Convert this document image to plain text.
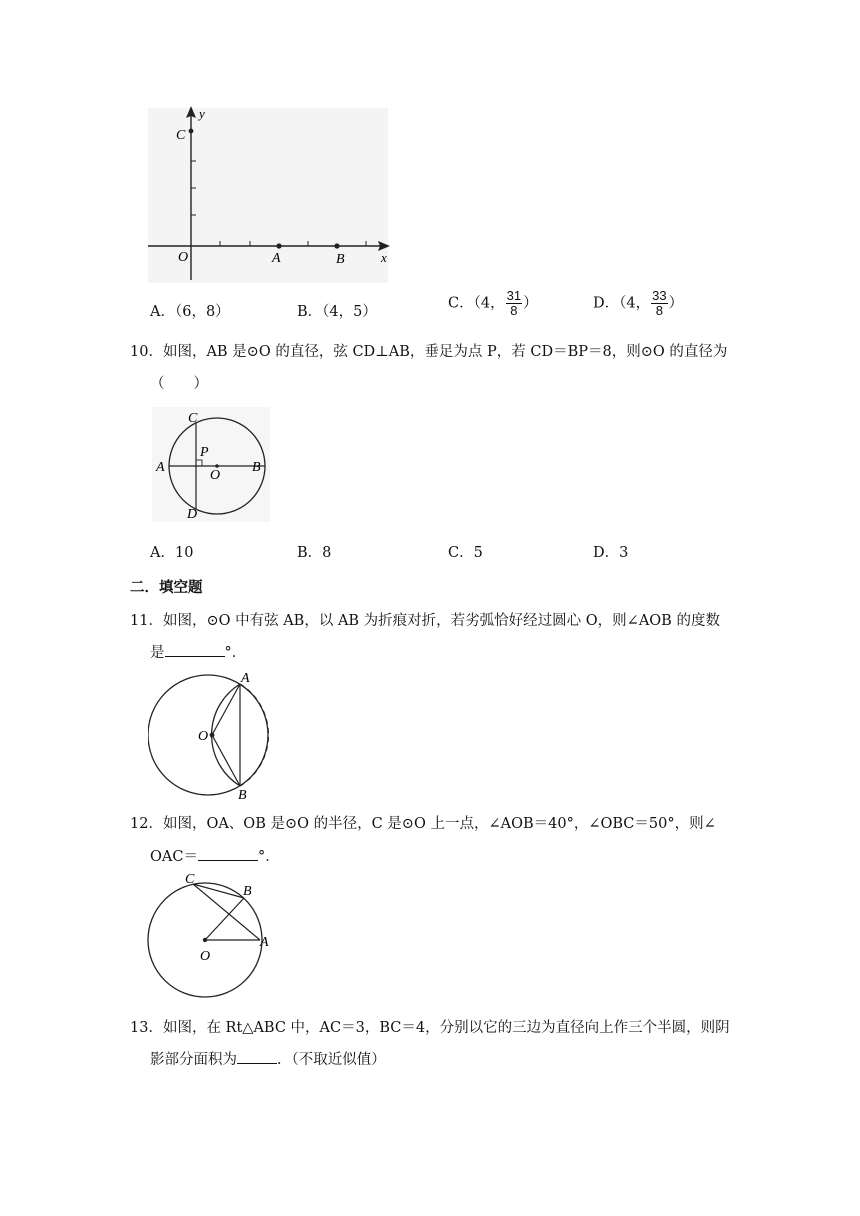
y
x
C
O	A	B
A．（6，8）	B．（4，5）
C．（4， $\frac{31}{8}$ ）	D．（4， $\frac{33}{8}$ ）
10．如图，AB 是⊙O 的直径，弦 CD⊥AB，垂足为点 P，若 CD＝BP＝8，则⊙O 的直径为
（　　）
C
P
A
O
B
D
A．10	B．8	C．5	D．3
二．填空题
11．如图，⊙O 中有弦 AB，以 AB 为折痕对折，若劣弧恰好经过圆心 O，则∠AOB 的度数
是	°．
A
O
B
12．如图，OA、OB 是⊙O 的半径，C 是⊙O 上一点，∠AOB＝40°，∠OBC＝50°，则∠
OAC＝	°．
C
B
A
O
13．如图，在 Rt△ABC 中，AC＝3，BC＝4，分别以它的三边为直径向上作三个半圆，则阴
影部分面积为	．（不取近似值）
